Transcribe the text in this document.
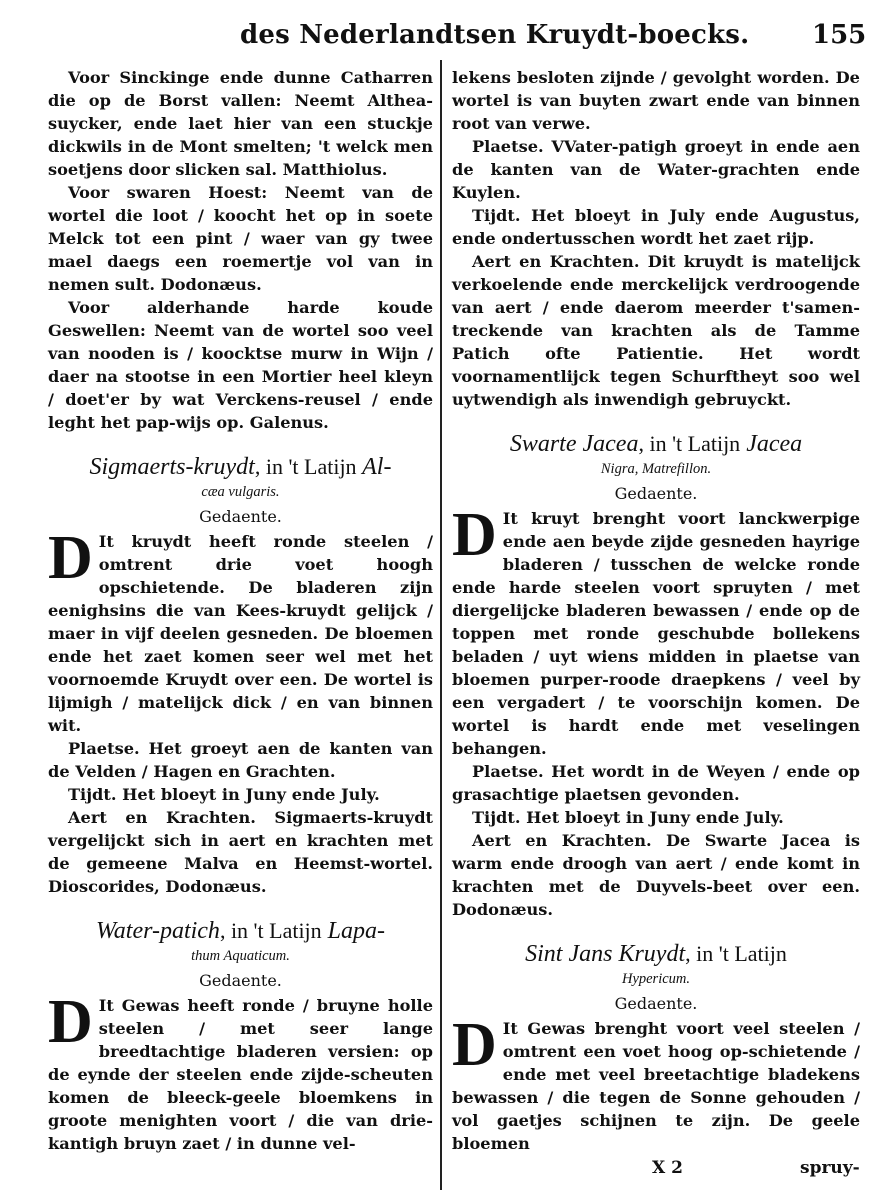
des Nederlandtsen Kruydt-boecks. 155

Voor Sinckinge ende dunne Catharren die op de Borst vallen: Neemt Althea-suycker, ende laet hier van een stuckje dickwils in de Mont smelten; 't welck men soetjens door slicken sal. Matthiolus.

Voor swaren Hoest: Neemt van de wortel die loot / koocht het op in soete Melck tot een pint / waer van gy twee mael daegs een roemertje vol van in nemen sult. Dodonæus.

Voor alderhande harde koude Geswellen: Neemt van de wortel soo veel van nooden is / koocktse murw in Wijn / daer na stootse in een Mortier heel kleyn / doet'er by wat Verckens-reusel / ende leght het pap-wijs op. Galenus.

Sigmaerts-kruydt, in 't Latijn Al-
cæa vulgaris.
Gedaente.

D It kruydt heeft ronde steelen / omtrent drie voet hoogh opschietende. De bladeren zijn eenighsins die van Kees-kruydt gelijck / maer in vijf deelen gesneden. De bloemen ende het zaet komen seer wel met het voornoemde Kruydt over een. De wortel is lijmigh / matelijck dick / en van binnen wit.

Plaetse. Het groeyt aen de kanten van de Velden / Hagen en Grachten.

Tijdt. Het bloeyt in Juny ende July.

Aert en Krachten. Sigmaerts-kruydt vergelijckt sich in aert en krachten met de gemeene Malva en Heemst-wortel. Dioscorides, Dodonæus.

Water-patich, in 't Latijn Lapa-
thum Aquaticum.
Gedaente.

D It Gewas heeft ronde / bruyne holle steelen / met seer lange breedtachtige bladeren versien: op de eynde der steelen ende zijde-scheuten komen de bleeck-geele bloemkens in groote menighten voort / die van drie-kantigh bruyn zaet / in dunne vel-

lekens besloten zijnde / gevolght worden. De wortel is van buyten zwart ende van binnen root van verwe.

Plaetse. VVater-patigh groeyt in ende aen de kanten van de Water-grachten ende Kuylen.

Tijdt. Het bloeyt in July ende Augustus, ende ondertusschen wordt het zaet rijp.

Aert en Krachten. Dit kruydt is matelijck verkoelende ende merckelijck verdroogende van aert / ende daerom meerder t'samen-treckende van krachten als de Tamme Patich ofte Patientie. Het wordt voornamentlijck tegen Schurftheyt soo wel uytwendigh als inwendigh gebruyckt.

Swarte Jacea, in 't Latijn Jacea
Nigra, Matrefillon.
Gedaente.

D It kruyt brenght voort lanckwerpige ende aen beyde zijde gesneden hayrige bladeren / tusschen de welcke ronde ende harde steelen voort spruyten / met diergelijcke bladeren bewassen / ende op de toppen met ronde geschubde bollekens beladen / uyt wiens midden in plaetse van bloemen purper-roode draepkens / veel by een vergadert / te voorschijn komen. De wortel is hardt ende met veselingen behangen.

Plaetse. Het wordt in de Weyen / ende op grasachtige plaetsen gevonden.

Tijdt. Het bloeyt in Juny ende July.

Aert en Krachten. De Swarte Jacea is warm ende droogh van aert / ende komt in krachten met de Duyvels-beet over een. Dodonæus.

Sint Jans Kruydt, in 't Latijn
Hypericum.
Gedaente.

D It Gewas brenght voort veel steelen / omtrent een voet hoog op-schietende / ende met veel breetachtige bladekens bewassen / die tegen de Sonne gehouden / vol gaetjes schijnen te zijn. De geele bloemen

X 2	spruy-
